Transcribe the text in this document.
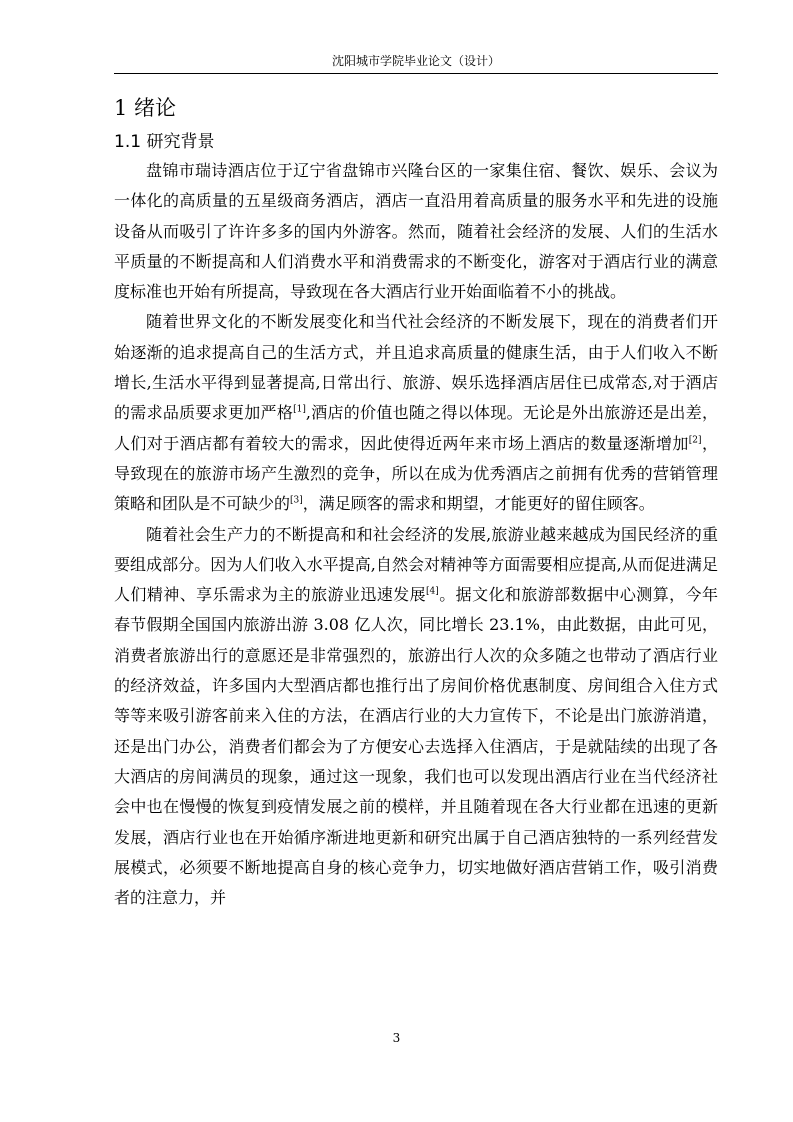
沈阳城市学院毕业论文（设计）
1 绪论
1.1 研究背景

盘锦市瑞诗酒店位于辽宁省盘锦市兴隆台区的一家集住宿、餐饮、娱乐、会议为一体化的高质量的五星级商务酒店，酒店一直沿用着高质量的服务水平和先进的设施设备从而吸引了许许多多的国内外游客。然而，随着社会经济的发展、人们的生活水平质量的不断提高和人们消费水平和消费需求的不断变化，游客对于酒店行业的满意度标准也开始有所提高，导致现在各大酒店行业开始面临着不小的挑战。

随着世界文化的不断发展变化和当代社会经济的不断发展下，现在的消费者们开始逐渐的追求提高自己的生活方式，并且追求高质量的健康生活，由于人们收入不断增长,生活水平得到显著提高,日常出行、旅游、娱乐选择酒店居住已成常态,对于酒店的需求品质要求更加严格[1],酒店的价值也随之得以体现。无论是外出旅游还是出差，人们对于酒店都有着较大的需求，因此使得近两年来市场上酒店的数量逐渐增加[2]，导致现在的旅游市场产生激烈的竞争，所以在成为优秀酒店之前拥有优秀的营销管理策略和团队是不可缺少的[3]，满足顾客的需求和期望，才能更好的留住顾客。

随着社会生产力的不断提高和和社会经济的发展,旅游业越来越成为国民经济的重要组成部分。因为人们收入水平提高,自然会对精神等方面需要相应提高,从而促进满足人们精神、享乐需求为主的旅游业迅速发展[4]。据文化和旅游部数据中心测算，今年春节假期全国国内旅游出游 3.08 亿人次，同比增长 23.1%，由此数据，由此可见，消费者旅游出行的意愿还是非常强烈的，旅游出行人次的众多随之也带动了酒店行业的经济效益，许多国内大型酒店都也推行出了房间价格优惠制度、房间组合入住方式等等来吸引游客前来入住的方法，在酒店行业的大力宣传下，不论是出门旅游消遣，还是出门办公，消费者们都会为了方便安心去选择入住酒店，于是就陆续的出现了各大酒店的房间满员的现象，通过这一现象，我们也可以发现出酒店行业在当代经济社会中也在慢慢的恢复到疫情发展之前的模样，并且随着现在各大行业都在迅速的更新发展，酒店行业也在开始循序渐进地更新和研究出属于自己酒店独特的一系列经营发展模式，必须要不断地提高自身的核心竞争力，切实地做好酒店营销工作，吸引消费者的注意力，并

3
